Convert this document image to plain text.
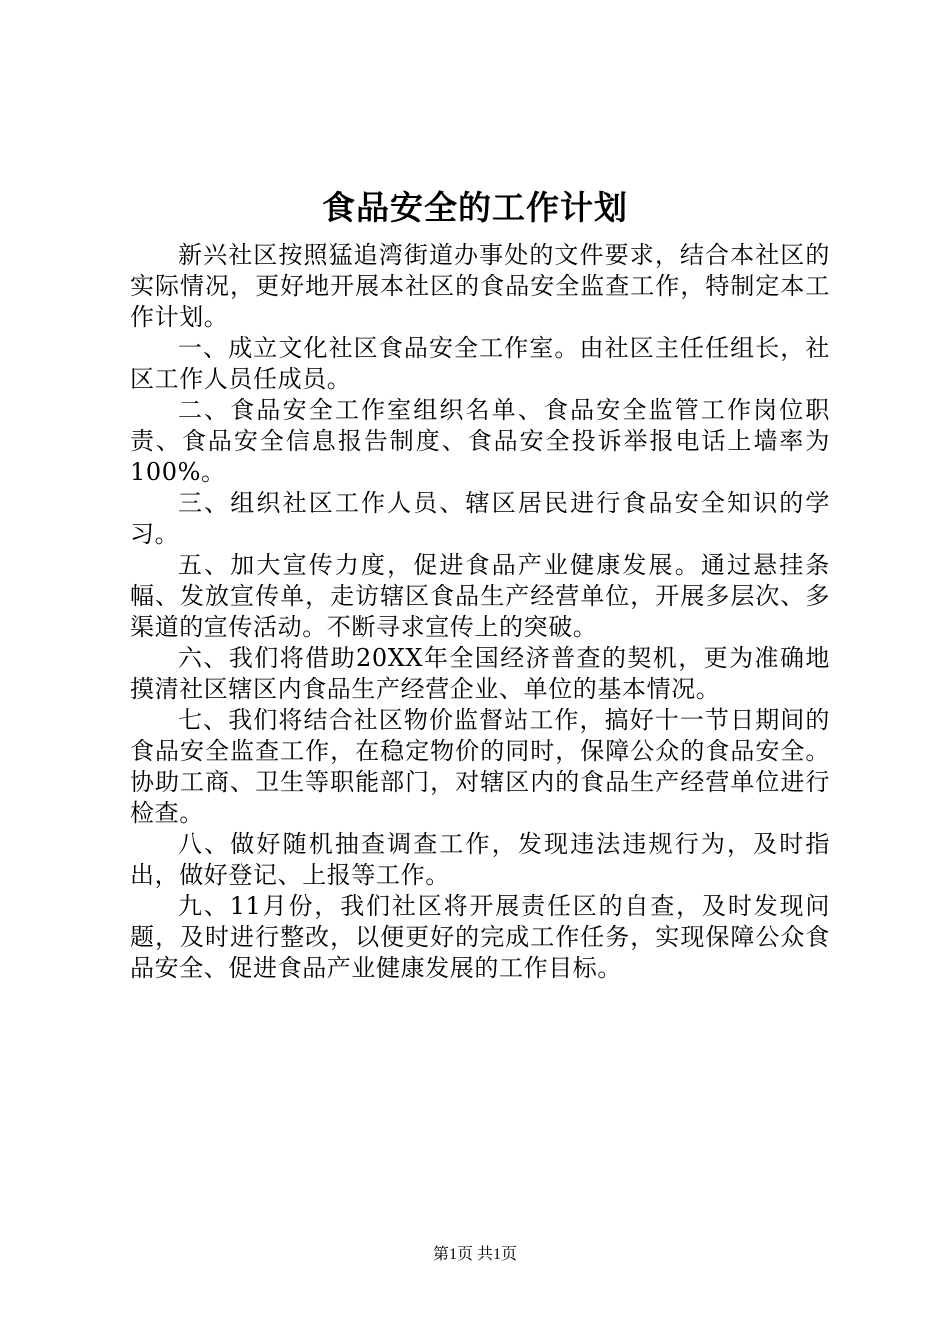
食品安全的工作计划

新兴社区按照猛追湾街道办事处的文件要求，结合本社区的实际情况，更好地开展本社区的食品安全监查工作，特制定本工作计划。

一、成立文化社区食品安全工作室。由社区主任任组长，社区工作人员任成员。

二、食品安全工作室组织名单、食品安全监管工作岗位职责、食品安全信息报告制度、食品安全投诉举报电话上墙率为100%。

三、组织社区工作人员、辖区居民进行食品安全知识的学习。

五、加大宣传力度，促进食品产业健康发展。通过悬挂条幅、发放宣传单，走访辖区食品生产经营单位，开展多层次、多渠道的宣传活动。不断寻求宣传上的突破。

六、我们将借助20XX年全国经济普查的契机，更为准确地摸清社区辖区内食品生产经营企业、单位的基本情况。

七、我们将结合社区物价监督站工作，搞好十一节日期间的食品安全监查工作，在稳定物价的同时，保障公众的食品安全。协助工商、卫生等职能部门，对辖区内的食品生产经营单位进行检查。

八、做好随机抽查调查工作，发现违法违规行为，及时指出，做好登记、上报等工作。

九、11月份，我们社区将开展责任区的自查，及时发现问题，及时进行整改，以便更好的完成工作任务，实现保障公众食品安全、促进食品产业健康发展的工作目标。

第1页 共1页
